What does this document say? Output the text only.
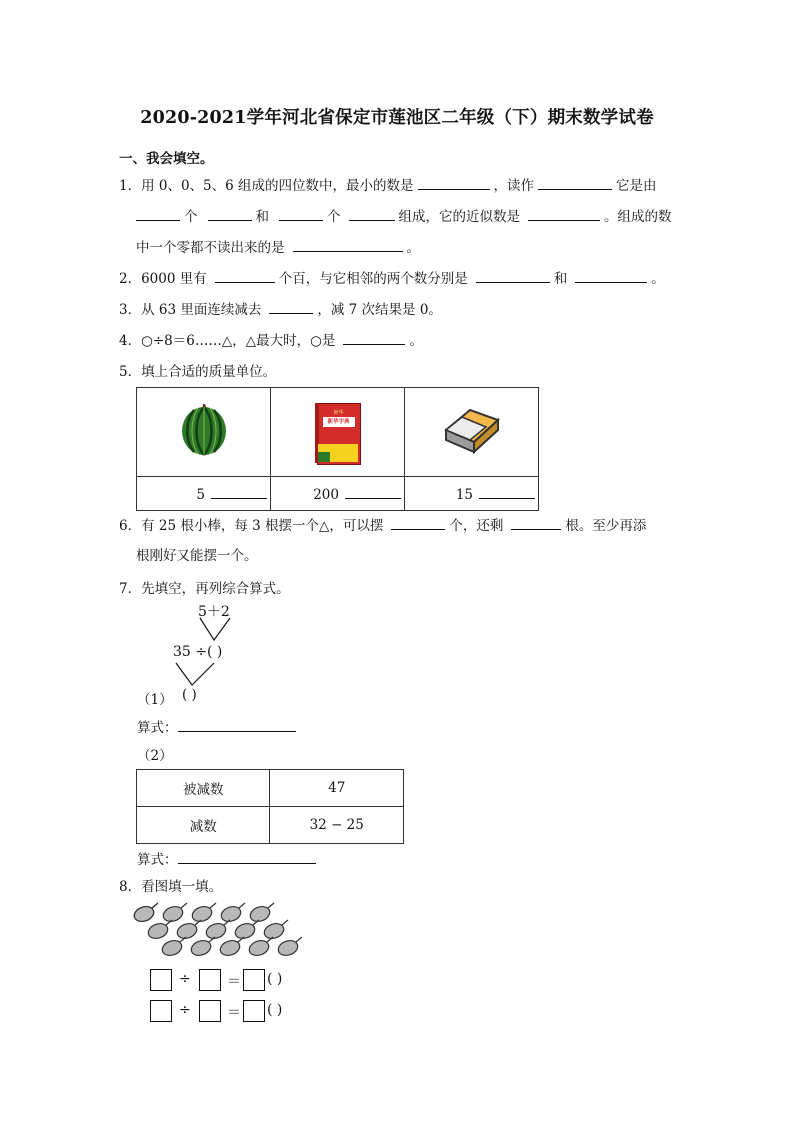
2020-2021学年河北省保定市莲池区二年级（下）期末数学试卷
一、我会填空。
1．用 0、0、5、6 组成的四位数中，最小的数是	，读作	它是由
个	和	个	组成，它的近似数是	。组成的数
中一个零都不读出来的是	。
2．6000 里有	个百，与它相邻的两个数分别是	和	。
3．从 63 里面连续减去	，减 7 次结果是 0。
4．○÷8＝6……△，△最大时，○是	。
5．填上合适的质量单位。

新华
新华字典

5	200	15
6．有 25 根小棒，每 3 根摆一个△，可以摆	个，还剩	根。至少再添
根刚好又能摆一个。
7．先填空，再列综合算式。
5＋2
35 ÷( )
（1） ( )
算式：
（2）
被减数	47
减数	32 − 25
算式：
8．看图填一填。
÷	＝ ( )
÷	＝ ( )
